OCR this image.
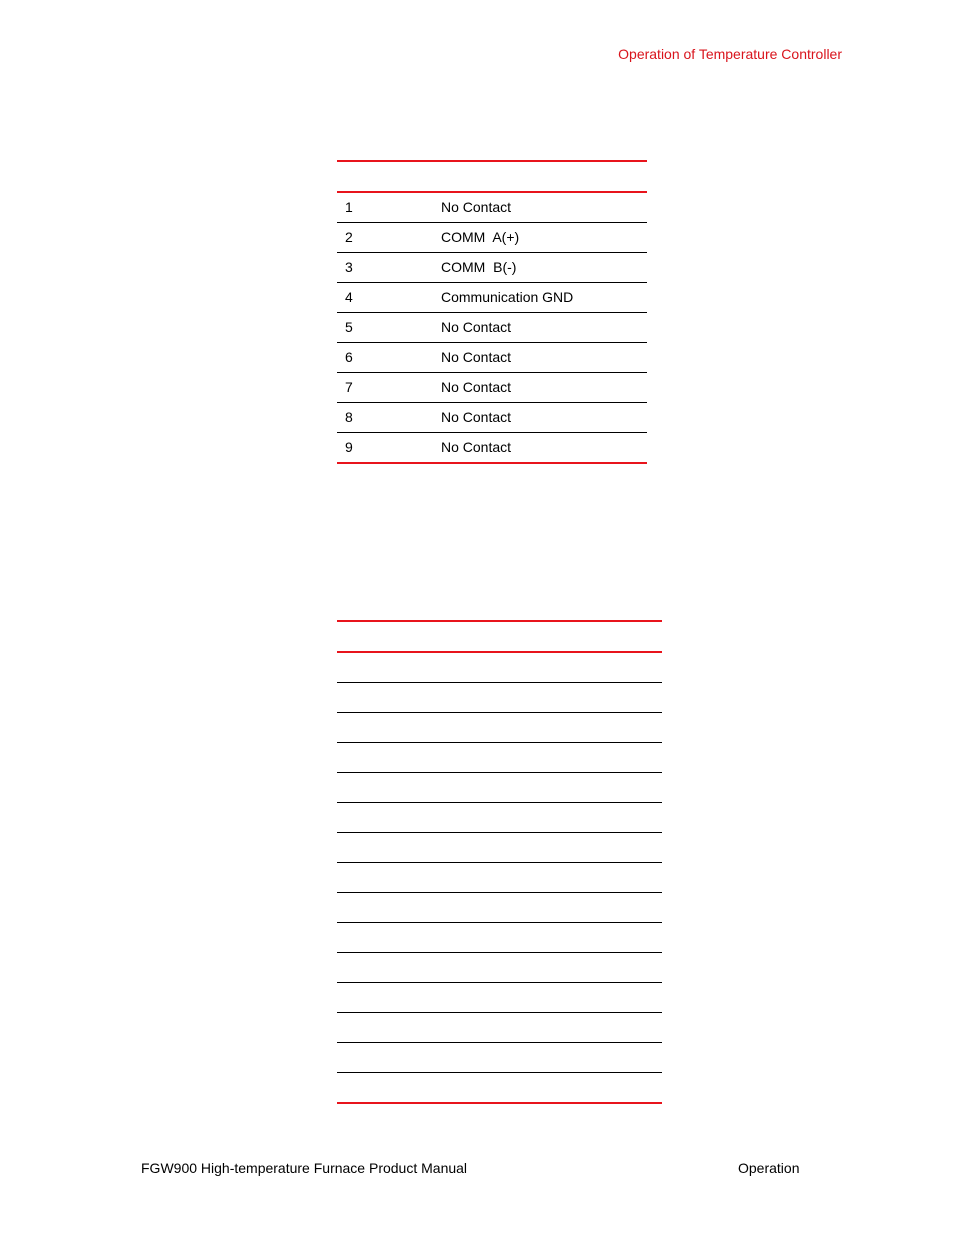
Operation of Temperature Controller
1	No Contact
2	COMM  A(+)
3	COMM  B(-)
4	Communication GND
5	No Contact
6	No Contact
7	No Contact
8	No Contact
9	No Contact
FGW900 High-temperature Furnace Product Manual	Operation
